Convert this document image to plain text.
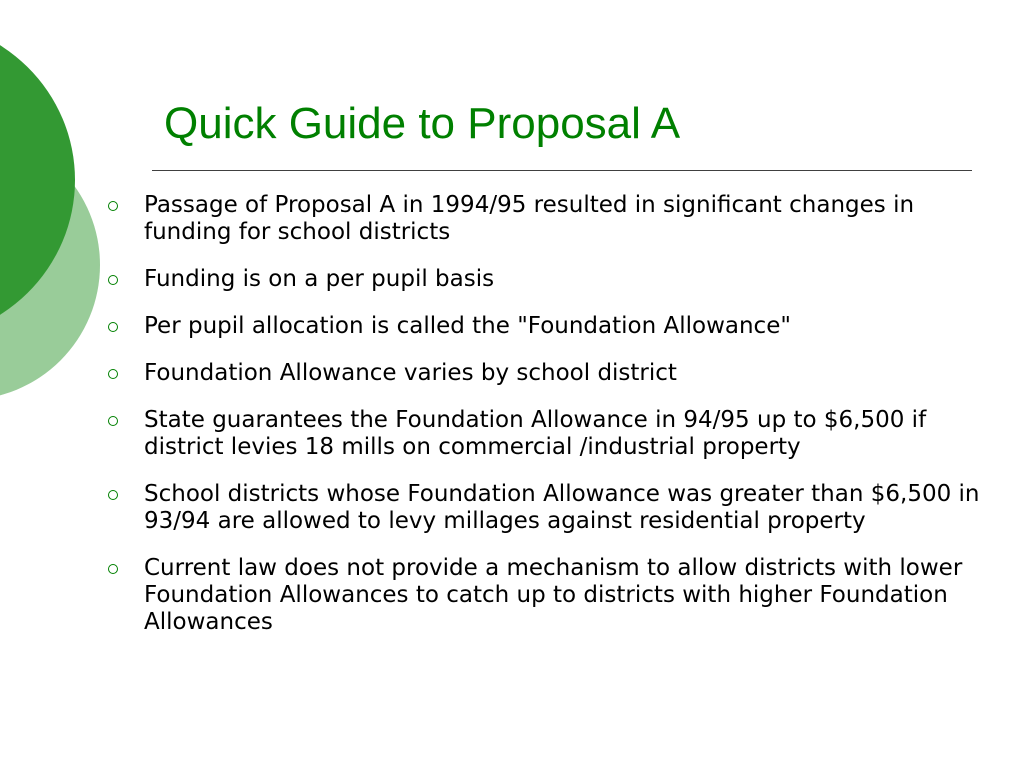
Quick Guide to Proposal A
Passage of Proposal A in 1994/95 resulted in significant changes in funding for school districts
Funding is on a per pupil basis
Per pupil allocation is called the "Foundation Allowance"
Foundation Allowance varies by school district
State guarantees the Foundation Allowance in 94/95 up to $6,500 if district levies 18 mills on commercial /industrial property
School districts whose Foundation Allowance was greater than $6,500 in 93/94 are allowed to levy millages against residential property
Current law does not provide a mechanism to allow districts with lower Foundation Allowances to catch up to districts with higher Foundation Allowances
